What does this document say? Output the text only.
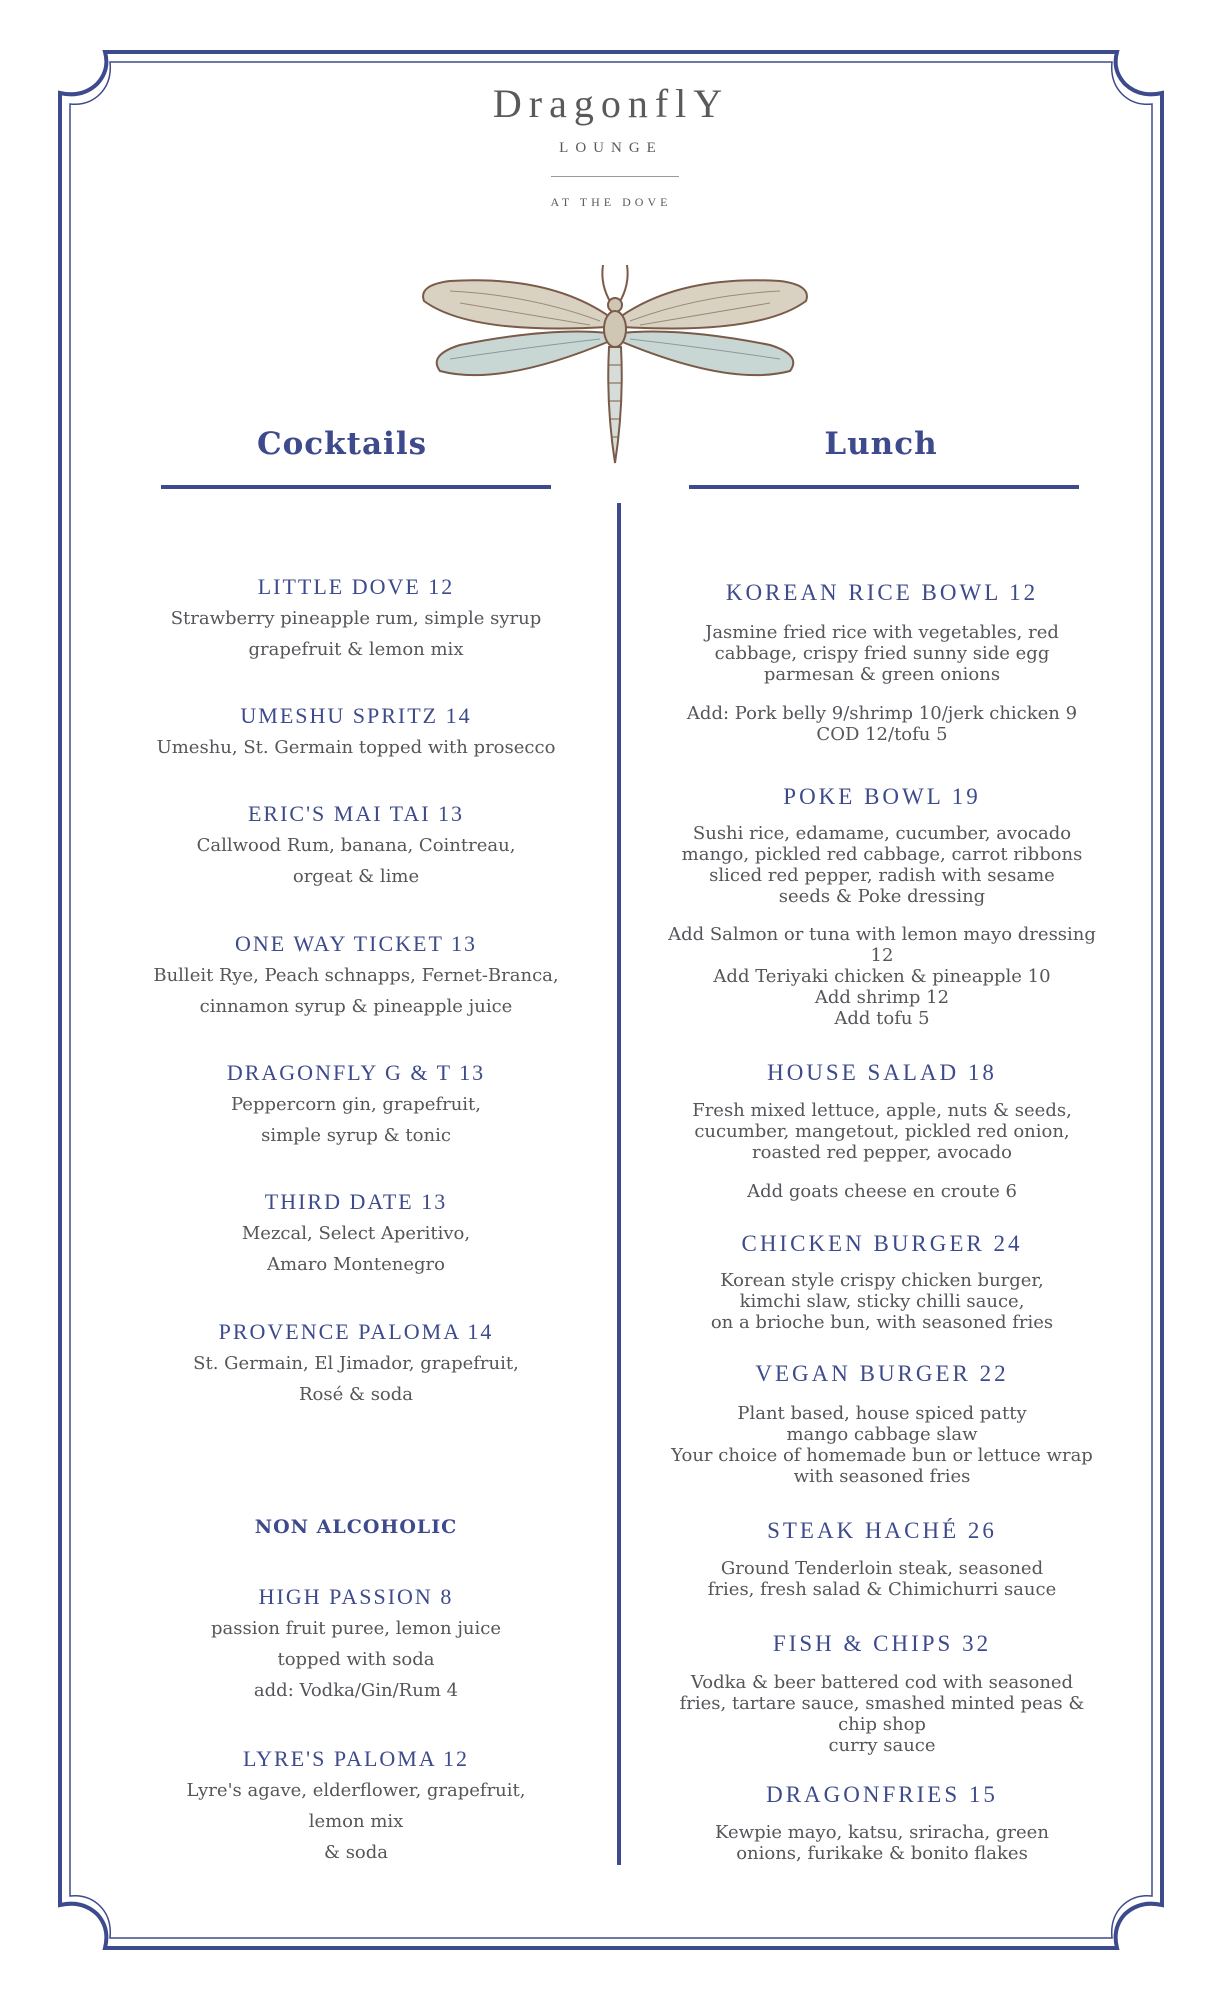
DragonflY
LOUNGE
AT THE DOVE
Cocktails	Lunch
LITTLE DOVE 12
Strawberry pineapple rum, simple syrup
grapefruit & lemon mix
UMESHU SPRITZ 14
Umeshu, St. Germain topped with prosecco
ERIC'S MAI TAI 13
Callwood Rum, banana, Cointreau,
orgeat & lime
ONE WAY TICKET 13
Bulleit Rye, Peach schnapps, Fernet-Branca,
cinnamon syrup & pineapple juice
DRAGONFLY G & T 13
Peppercorn gin, grapefruit,
simple syrup & tonic
THIRD DATE 13
Mezcal, Select Aperitivo,
Amaro Montenegro
PROVENCE PALOMA 14
St. Germain, El Jimador, grapefruit,
Rosé & soda
NON ALCOHOLIC
HIGH PASSION 8
passion fruit puree, lemon juice
topped with soda
add: Vodka/Gin/Rum 4
LYRE'S PALOMA 12
Lyre's agave, elderflower, grapefruit,
lemon mix
& soda
KOREAN RICE BOWL 12
Jasmine fried rice with vegetables, red
cabbage, crispy fried sunny side egg
parmesan & green onions
Add: Pork belly 9/shrimp 10/jerk chicken 9
COD 12/tofu 5
POKE BOWL 19
Sushi rice, edamame, cucumber, avocado
mango, pickled red cabbage, carrot ribbons
sliced red pepper, radish with sesame
seeds & Poke dressing
Add Salmon or tuna with lemon mayo dressing
12
Add Teriyaki chicken & pineapple 10
Add shrimp 12
Add tofu 5
HOUSE SALAD 18
Fresh mixed lettuce, apple, nuts & seeds,
cucumber, mangetout, pickled red onion,
roasted red pepper, avocado
Add goats cheese en croute 6
CHICKEN BURGER 24
Korean style crispy chicken burger,
kimchi slaw, sticky chilli sauce,
on a brioche bun, with seasoned fries
VEGAN BURGER 22
Plant based, house spiced patty
mango cabbage slaw
Your choice of homemade bun or lettuce wrap
with seasoned fries
STEAK HACHÉ 26
Ground Tenderloin steak, seasoned
fries, fresh salad & Chimichurri sauce
FISH & CHIPS 32
Vodka & beer battered cod with seasoned
fries, tartare sauce, smashed minted peas &
chip shop
curry sauce
DRAGONFRIES 15
Kewpie mayo, katsu, sriracha, green
onions, furikake & bonito flakes
